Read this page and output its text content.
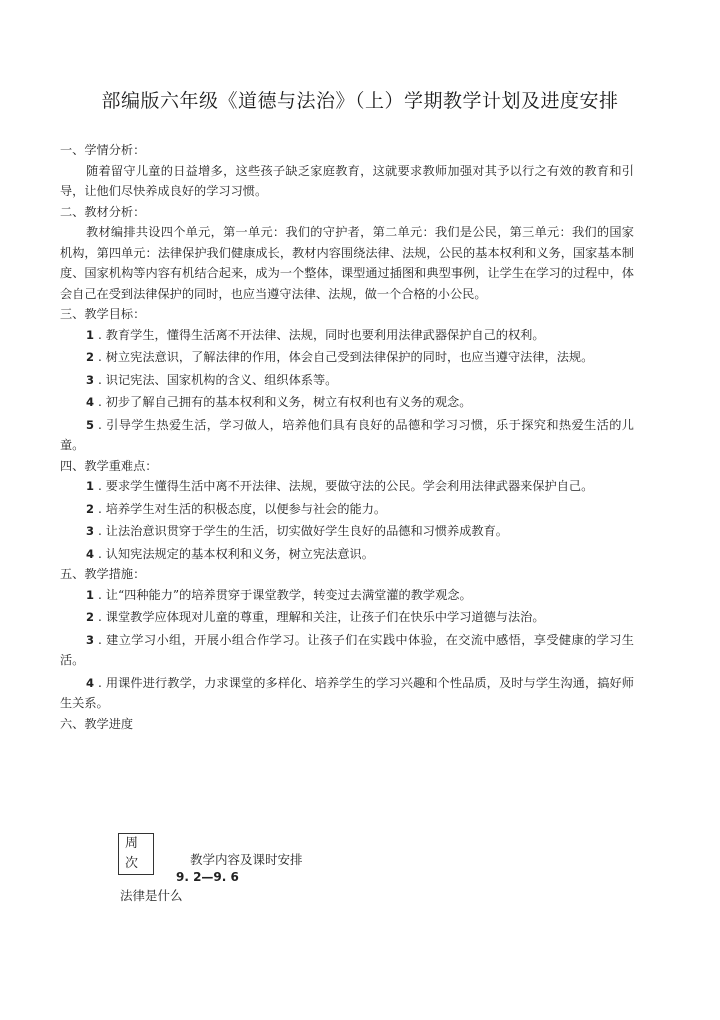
部编版六年级《道德与法治》（上）学期教学计划及进度安排

一、学情分析：

随着留守儿童的日益增多，这些孩子缺乏家庭教育，这就要求教师加强对其予以行之有效的教育和引导，让他们尽快养成良好的学习习惯。

二、教材分析：

教材编排共设四个单元，第一单元：我们的守护者，第二单元：我们是公民，第三单元：我们的国家机构，第四单元：法律保护我们健康成长，教材内容围绕法律、法规，公民的基本权利和义务，国家基本制度、国家机构等内容有机结合起来，成为一个整体，课型通过插图和典型事例，让学生在学习的过程中，体会自己在受到法律保护的同时，也应当遵守法律、法规，做一个合格的小公民。

三、教学目标：

1 . 教育学生，懂得生活离不开法律、法规，同时也要利用法律武器保护自己的权利。

2 . 树立宪法意识，了解法律的作用，体会自己受到法律保护的同时，也应当遵守法律，法规。

3 . 识记宪法、国家机构的含义、组织体系等。

4 . 初步了解自己拥有的基本权利和义务，树立有权利也有义务的观念。

5 . 引导学生热爱生活，学习做人，培养他们具有良好的品德和学习习惯，乐于探究和热爱生活的儿童。

四、教学重难点：

1 . 要求学生懂得生活中离不开法律、法规，要做守法的公民。学会利用法律武器来保护自己。

2 . 培养学生对生活的积极态度，以便参与社会的能力。

3 . 让法治意识贯穿于学生的生活，切实做好学生良好的品德和习惯养成教育。

4 . 认知宪法规定的基本权利和义务，树立宪法意识。

五、教学措施：

1 . 让“四种能力”的培养贯穿于课堂教学，转变过去满堂灌的教学观念。

2 . 课堂教学应体现对儿童的尊重，理解和关注，让孩子们在快乐中学习道德与法治。

3 . 建立学习小组，开展小组合作学习。让孩子们在实践中体验，在交流中感悟，享受健康的学习生活。

4 . 用课件进行教学，力求课堂的多样化、培养学生的学习兴趣和个性品质，及时与学生沟通，搞好师生关系。

六、教学进度

周
次	教学内容及课时安排
9. 2—9. 6
法律是什么
